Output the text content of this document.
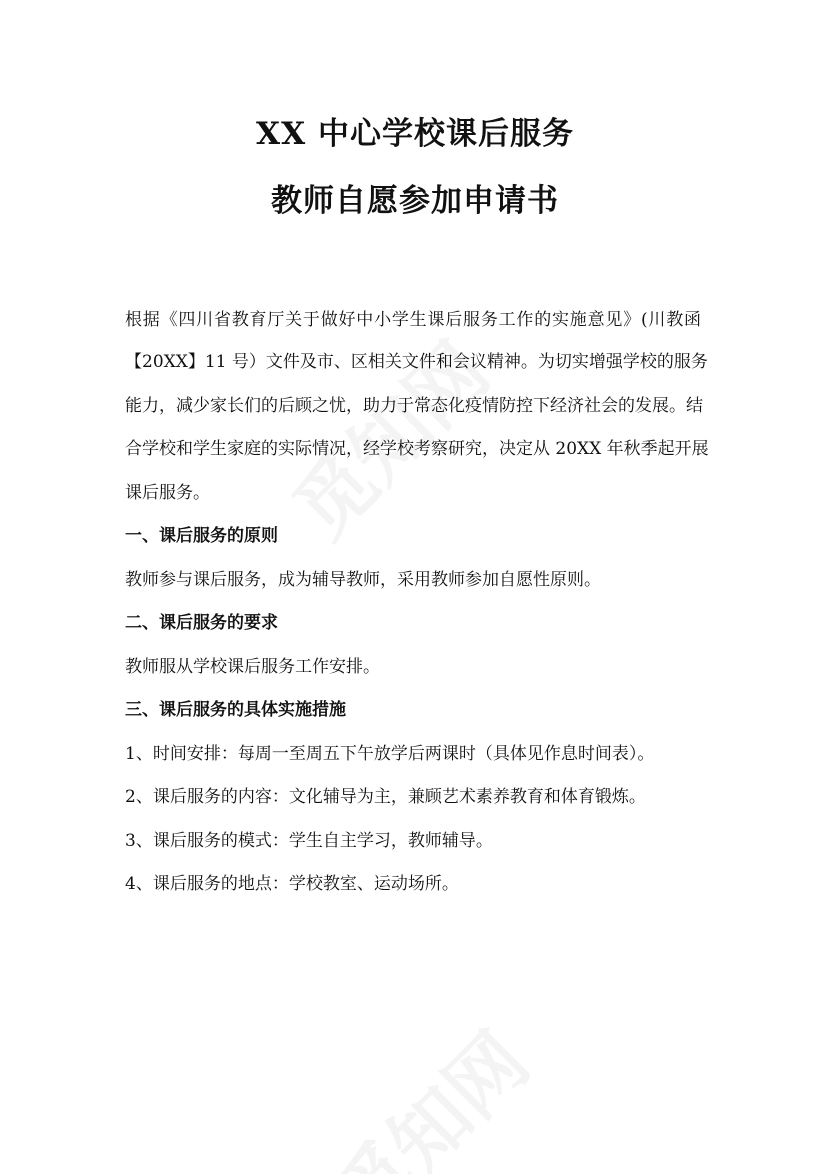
XX 中心学校课后服务
教师自愿参加申请书
根据《四川省教育厅关于做好中小学生课后服务工作的实施意见》(川教函
【20XX】11 号）文件及市、区相关文件和会议精神。为切实增强学校的服务
能力，减少家长们的后顾之忧，助力于常态化疫情防控下经济社会的发展。结
合学校和学生家庭的实际情况，经学校考察研究，决定从 20XX 年秋季起开展
课后服务。
一、课后服务的原则
教师参与课后服务，成为辅导教师，采用教师参加自愿性原则。
二、课后服务的要求
教师服从学校课后服务工作安排。
三、课后服务的具体实施措施
1、时间安排：每周一至周五下午放学后两课时（具体见作息时间表）。
2、课后服务的内容：文化辅导为主，兼顾艺术素养教育和体育锻炼。
3、课后服务的模式：学生自主学习，教师辅导。
4、课后服务的地点：学校教室、运动场所。
